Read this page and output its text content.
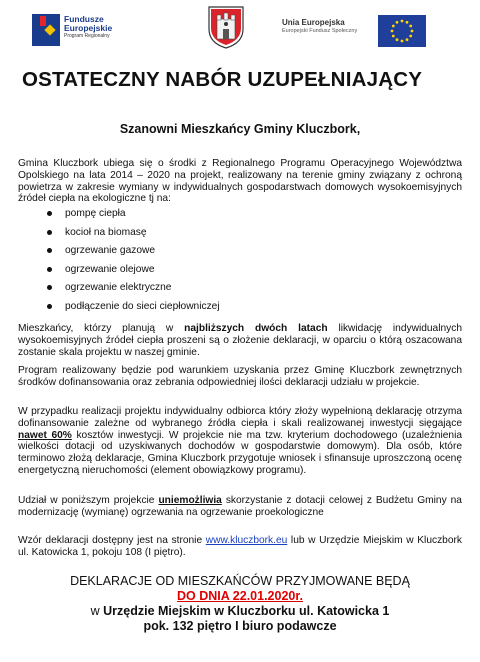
Fundusze
Europejskie
Program Regionalny
Unia Europejska
Europejski Fundusz Społeczny
OSTATECZNY NABÓR UZUPEŁNIAJĄCY
Szanowni Mieszkańcy Gminy Kluczbork,
Gmina Kluczbork ubiega się o środki z Regionalnego Programu Operacyjnego Województwa Opolskiego na lata 2014 – 2020 na projekt, realizowany na terenie gminy związany z ochroną powietrza w zakresie wymiany w indywidualnych gospodarstwach domowych wysokoemisyjnych źródeł ciepła na ekologiczne tj na:
pompę ciepła
kocioł na biomasę
ogrzewanie gazowe
ogrzewanie olejowe
ogrzewanie elektryczne
podłączenie do sieci ciepłowniczej
Mieszkańcy, którzy planują w najbliższych dwóch latach likwidację indywidualnych wysokoemisyjnych źródeł ciepła proszeni są o złożenie deklaracji, w oparciu o którą oszacowana zostanie skala projektu w naszej gminie.
Program realizowany będzie pod warunkiem uzyskania przez Gminę Kluczbork zewnętrznych środków dofinansowania oraz zebrania odpowiedniej ilości deklaracji udziału w projekcie.
W przypadku realizacji projektu indywidualny odbiorca który złoży wypełnioną deklarację otrzyma dofinansowanie zależne od wybranego źródła ciepła i skali realizowanej inwestycji sięgające nawet 60% kosztów inwestycji. W projekcie nie ma tzw. kryterium dochodowego (uzależnienia wielkości dotacji od uzyskiwanych dochodów w gospodarstwie domowym). Dla osób, które terminowo złożą deklaracje, Gmina Kluczbork przygotuje wniosek i sfinansuje uproszczoną ocenę energetyczną nieruchomości (element obowiązkowy programu).
Udział w poniższym projekcie uniemożliwia skorzystanie z dotacji celowej z Budżetu Gminy na modernizację (wymianę) ogrzewania na ogrzewanie proekologiczne
Wzór deklaracji dostępny jest na stronie www.kluczbork.eu lub w Urzędzie Miejskim w Kluczbork ul. Katowicka 1, pokoju 108 (I piętro).
DEKLARACJE OD MIESZKAŃCÓW PRZYJMOWANE BĘDĄ
DO DNIA 22.01.2020r.
w Urzędzie Miejskim w Kluczborku ul. Katowicka 1
pok. 132 piętro I biuro podawcze
